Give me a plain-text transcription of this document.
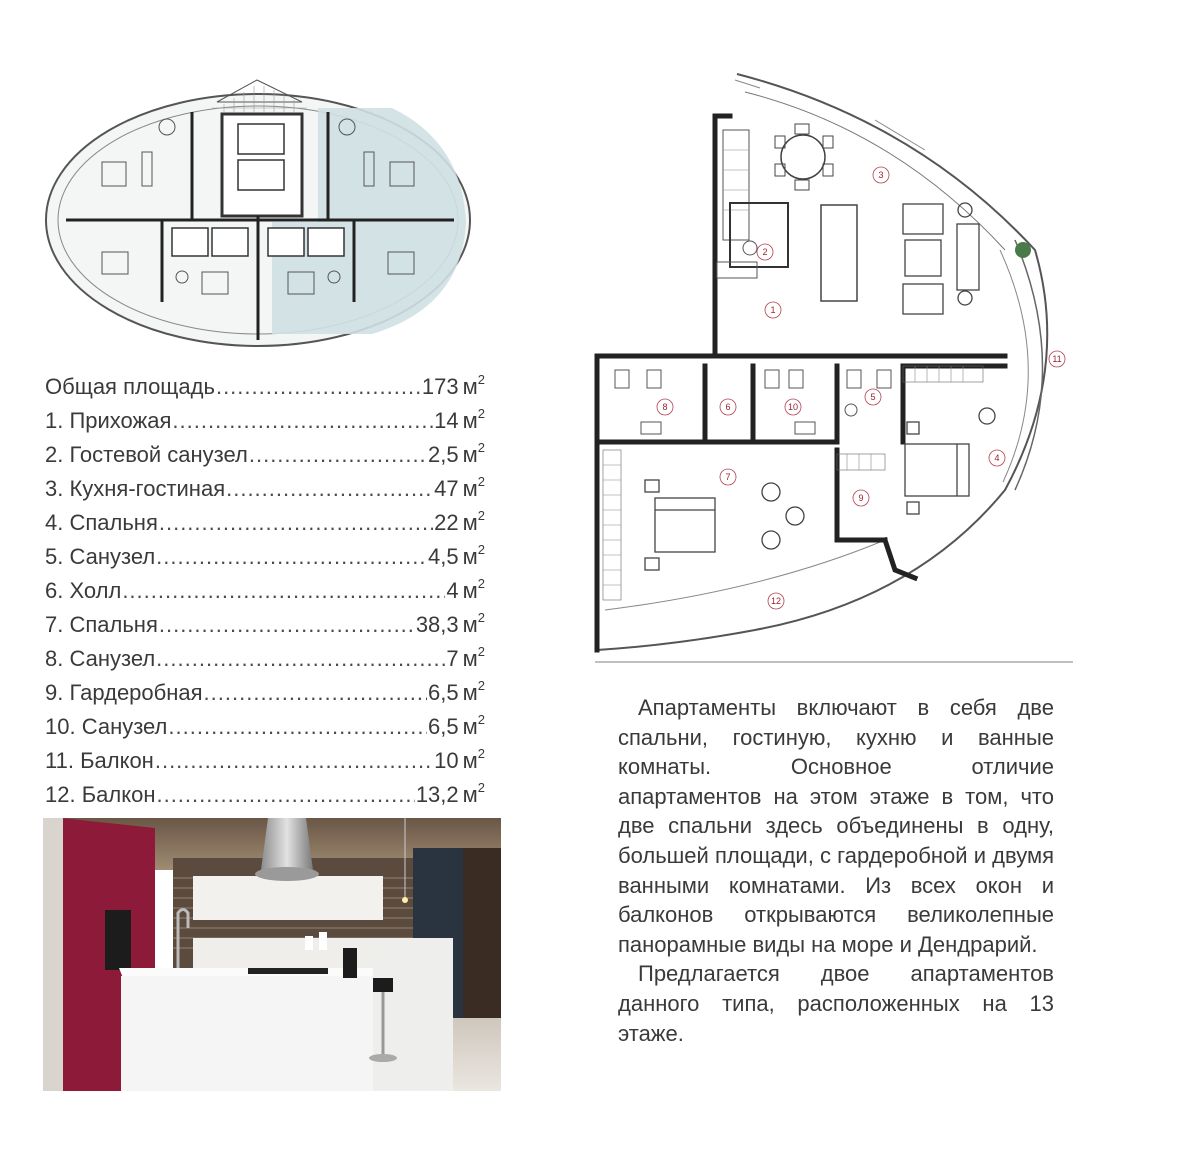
Общая площадь .....	173 $м^2$
1. Прихожая .....	14 $м^2$
2. Гостевой санузел .....	2,5 $м^2$
3. Кухня-гостиная .....	47 $м^2$
4. Спальня .....	22 $м^2$
5. Санузел .....	4,5 $м^2$
6. Холл .....	4 $м^2$
7. Спальня .....	38,3 $м^2$
8. Санузел .....	7 $м^2$
9. Гардеробная .....	6,5 $м^2$
10. Санузел .....	6,5 $м^2$
11. Балкон .....	10 $м^2$
12. Балкон .....	13,2 $м^2$
1
2
3
4
5
6
7
8
9
10
11
12

Апартаменты включают в себя две спальни, гостиную, кухню и ванные комнаты. Основное отличие апартаментов на этом этаже в том, что две спальни здесь объединены в одну, большей площади, с гардеробной и двумя ванными комнатами. Из всех окон и балконов открываются великолепные панорамные виды на море и Дендрарий.

Предлагается двое апартаментов данного типа, расположенных на 13 этаже.
